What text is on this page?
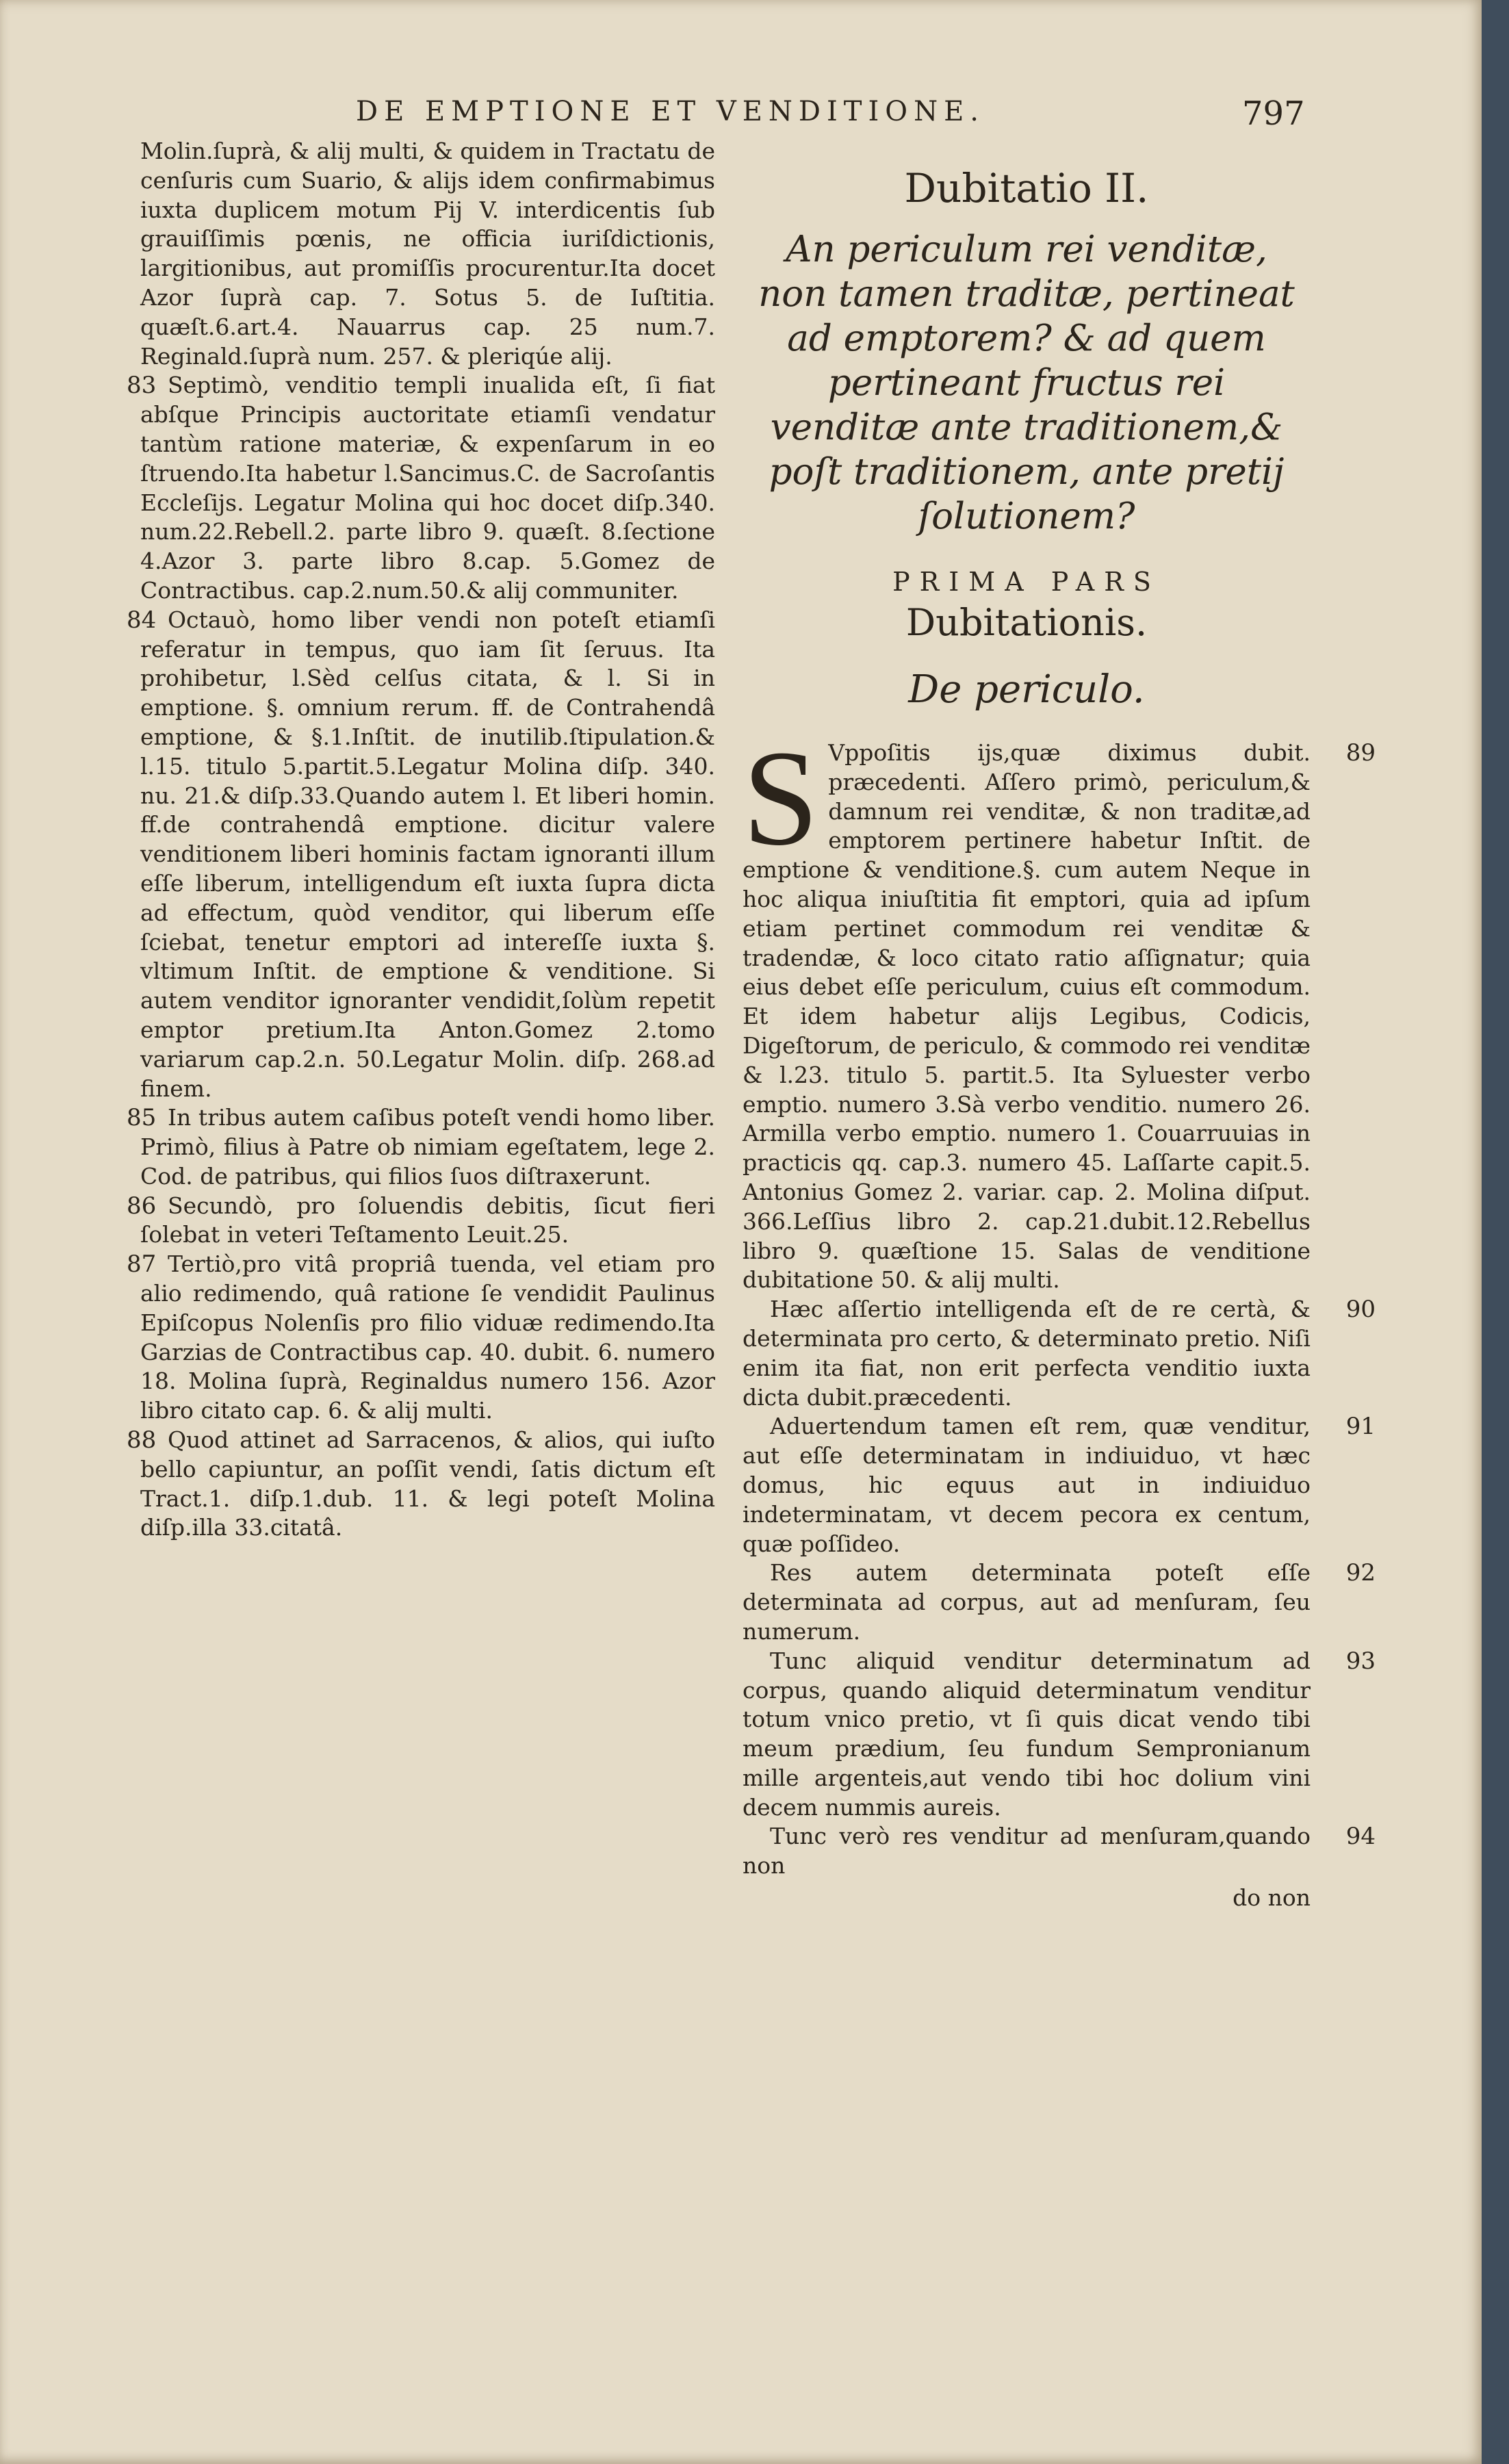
DE EMPTIONE ET VENDITIONE.	797

Molin.ſuprà, & alij multi, & quidem in Tractatu de cenſuris cum Suario, & alijs idem confirmabimus iuxta duplicem motum Pij V. interdicentis ſub grauiſſimis pœnis, ne officia iuriſdictionis, largitionibus, aut promiſſis procurentur.Ita docet Azor ſuprà cap. 7. Sotus 5. de Iuſtitia. quæſt.6.art.4. Nauarrus cap. 25 num.7. Reginald.ſuprà num. 257. & pleriqúe alij.

83 Septimò, venditio templi inualida eſt, ſi fiat abſque Principis auctoritate etiamſi vendatur tantùm ratione materiæ, & expenſarum in eo ſtruendo.Ita habetur l.Sancimus.C. de Sacroſantis Eccleſijs. Legatur Molina qui hoc docet diſp.340. num.22.Rebell.2. parte libro 9. quæſt. 8.ſectione 4.Azor 3. parte libro 8.cap. 5.Gomez de Contractibus. cap.2.num.50.& alij communiter.

84 Octauò, homo liber vendi non poteſt etiamſi referatur in tempus, quo iam ſit ſeruus. Ita prohibetur, l.Sèd celſus citata, & l. Si in emptione. §. omnium rerum. ff. de Contrahendâ emptione, & §.1.Inſtit. de inutilib.ſtipulation.& l.15. titulo 5.partit.5.Legatur Molina diſp. 340. nu. 21.& diſp.33.Quando autem l. Et liberi homin. ff.de contrahendâ emptione. dicitur valere venditionem liberi hominis factam ignoranti illum eſſe liberum, intelligendum eſt iuxta ſupra dicta ad effectum, quòd venditor, qui liberum eſſe ſciebat, tenetur emptori ad intereſſe iuxta §. vltimum Inſtit. de emptione & venditione. Si autem venditor ignoranter vendidit,ſolùm repetit emptor pretium.Ita Anton.Gomez 2.tomo variarum cap.2.n. 50.Legatur Molin. diſp. 268.ad finem.

85 In tribus autem caſibus poteſt vendi homo liber. Primò, filius à Patre ob nimiam egeſtatem, lege 2. Cod. de patribus, qui filios ſuos diſtraxerunt.

86 Secundò, pro ſoluendis debitis, ſicut fieri ſolebat in veteri Teſtamento Leuit.25.

87 Tertiò,pro vitâ propriâ tuenda, vel etiam pro alio redimendo, quâ ratione ſe vendidit Paulinus Epiſcopus Nolenſis pro filio viduæ redimendo.Ita Garzias de Contractibus cap. 40. dubit. 6. numero 18. Molina ſuprà, Reginaldus numero 156. Azor libro citato cap. 6. & alij multi.

88 Quod attinet ad Sarracenos, & alios, qui iuſto bello capiuntur, an poſſit vendi, ſatis dictum eſt Tract.1. diſp.1.dub. 11. & legi poteſt Molina diſp.illa 33.citatâ.

Dubitatio II.
An periculum rei venditæ, non tamen traditæ, pertineat ad emptorem? & ad quem pertineant fructus rei venditæ ante traditionem,& poſt traditionem, ante pretij ſolutionem?
PRIMA PARS
Dubitationis.
De periculo.

S	89
Vppoſitis ijs,quæ diximus dubit. præcedenti. Aſſero primò, periculum,& damnum rei venditæ, & non traditæ,ad emptorem pertinere habetur Inſtit. de emptione & venditione.§. cum autem Neque in hoc aliqua iniuſtitia fit emptori, quia ad ipſum etiam pertinet commodum rei venditæ & tradendæ, & loco citato ratio aſſignatur; quia eius debet eſſe periculum, cuius eſt commodum. Et idem habetur alijs Legibus, Codicis, Digeſtorum, de periculo, & commodo rei venditæ & l.23. titulo 5. partit.5. Ita Syluester verbo emptio. numero 3.Sà verbo venditio. numero 26. Armilla verbo emptio. numero 1. Couarruuias in practicis qq. cap.3. numero 45. Laſſarte capit.5. Antonius Gomez 2. variar. cap. 2. Molina diſput. 366.Leſſius libro 2. cap.21.dubit.12.Rebellus libro 9. quæſtione 15. Salas de venditione dubitatione 50. & alij multi.

90
Hæc aſſertio intelligenda eſt de re certà, & determinata pro certo, & determinato pretio. Niſi enim ita fiat, non erit perfecta venditio iuxta dicta dubit.præcedenti.

91
Aduertendum tamen eſt rem, quæ venditur, aut eſſe determinatam in indiuiduo, vt hæc domus, hic equus aut in indiuiduo indeterminatam, vt decem pecora ex centum, quæ poſſideo.

92
Res autem determinata poteſt eſſe determinata ad corpus, aut ad menſuram, ſeu numerum.

93
Tunc aliquid venditur determinatum ad corpus, quando aliquid determinatum venditur totum vnico pretio, vt ſi quis dicat vendo tibi meum prædium, ſeu fundum Sempronianum mille argenteis,aut vendo tibi hoc dolium vini decem nummis aureis.

94
Tunc verò res venditur ad menſuram,quando non

do non
